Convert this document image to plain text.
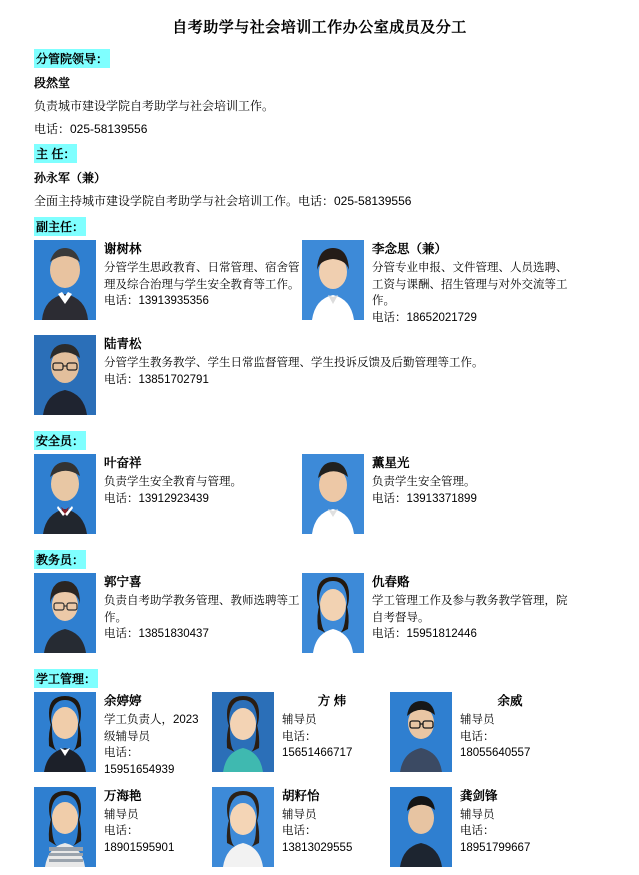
自考助学与社会培训工作办公室成员及分工
分管院领导：
段然堂
负责城市建设学院自考助学与社会培训工作。
电话：025-58139556
主 任：
孙永军（兼）
全面主持城市建设学院自考助学与社会培训工作。电话：025-58139556
副主任：
谢树林
分管学生思政教育、日常管理、宿舍管理及综合治理与学生安全教育等工作。
电话：13913935356
李念思（兼）
分管专业申报、文件管理、人员选聘、工资与课酬、招生管理与对外交流等工作。
电话：18652021729
陆青松
分管学生教务教学、学生日常监督管理、学生投诉反馈及后勤管理等工作。
电话：13851702791
安全员：
叶奋祥
负责学生安全教育与管理。
电话：13912923439
薫星光
负责学生安全管理。
电话：13913371899
教务员：
郭宁喜
负责自考助学教务管理、教师选聘等工作。
电话：13851830437
仇春赂
学工管理工作及参与教务教学管理，院自考督导。
电话：15951812446
学工管理：
余婷婷
学工负责人，2023 级辅导员
电话：15951654939
方 炜
辅导员
电话：15651466717
余威
辅导员
电话：18055640557
万海艳
辅导员
电话：18901595901
胡籽怡
辅导员
电话：13813029555
龚剑锋
辅导员
电话：18951799667
